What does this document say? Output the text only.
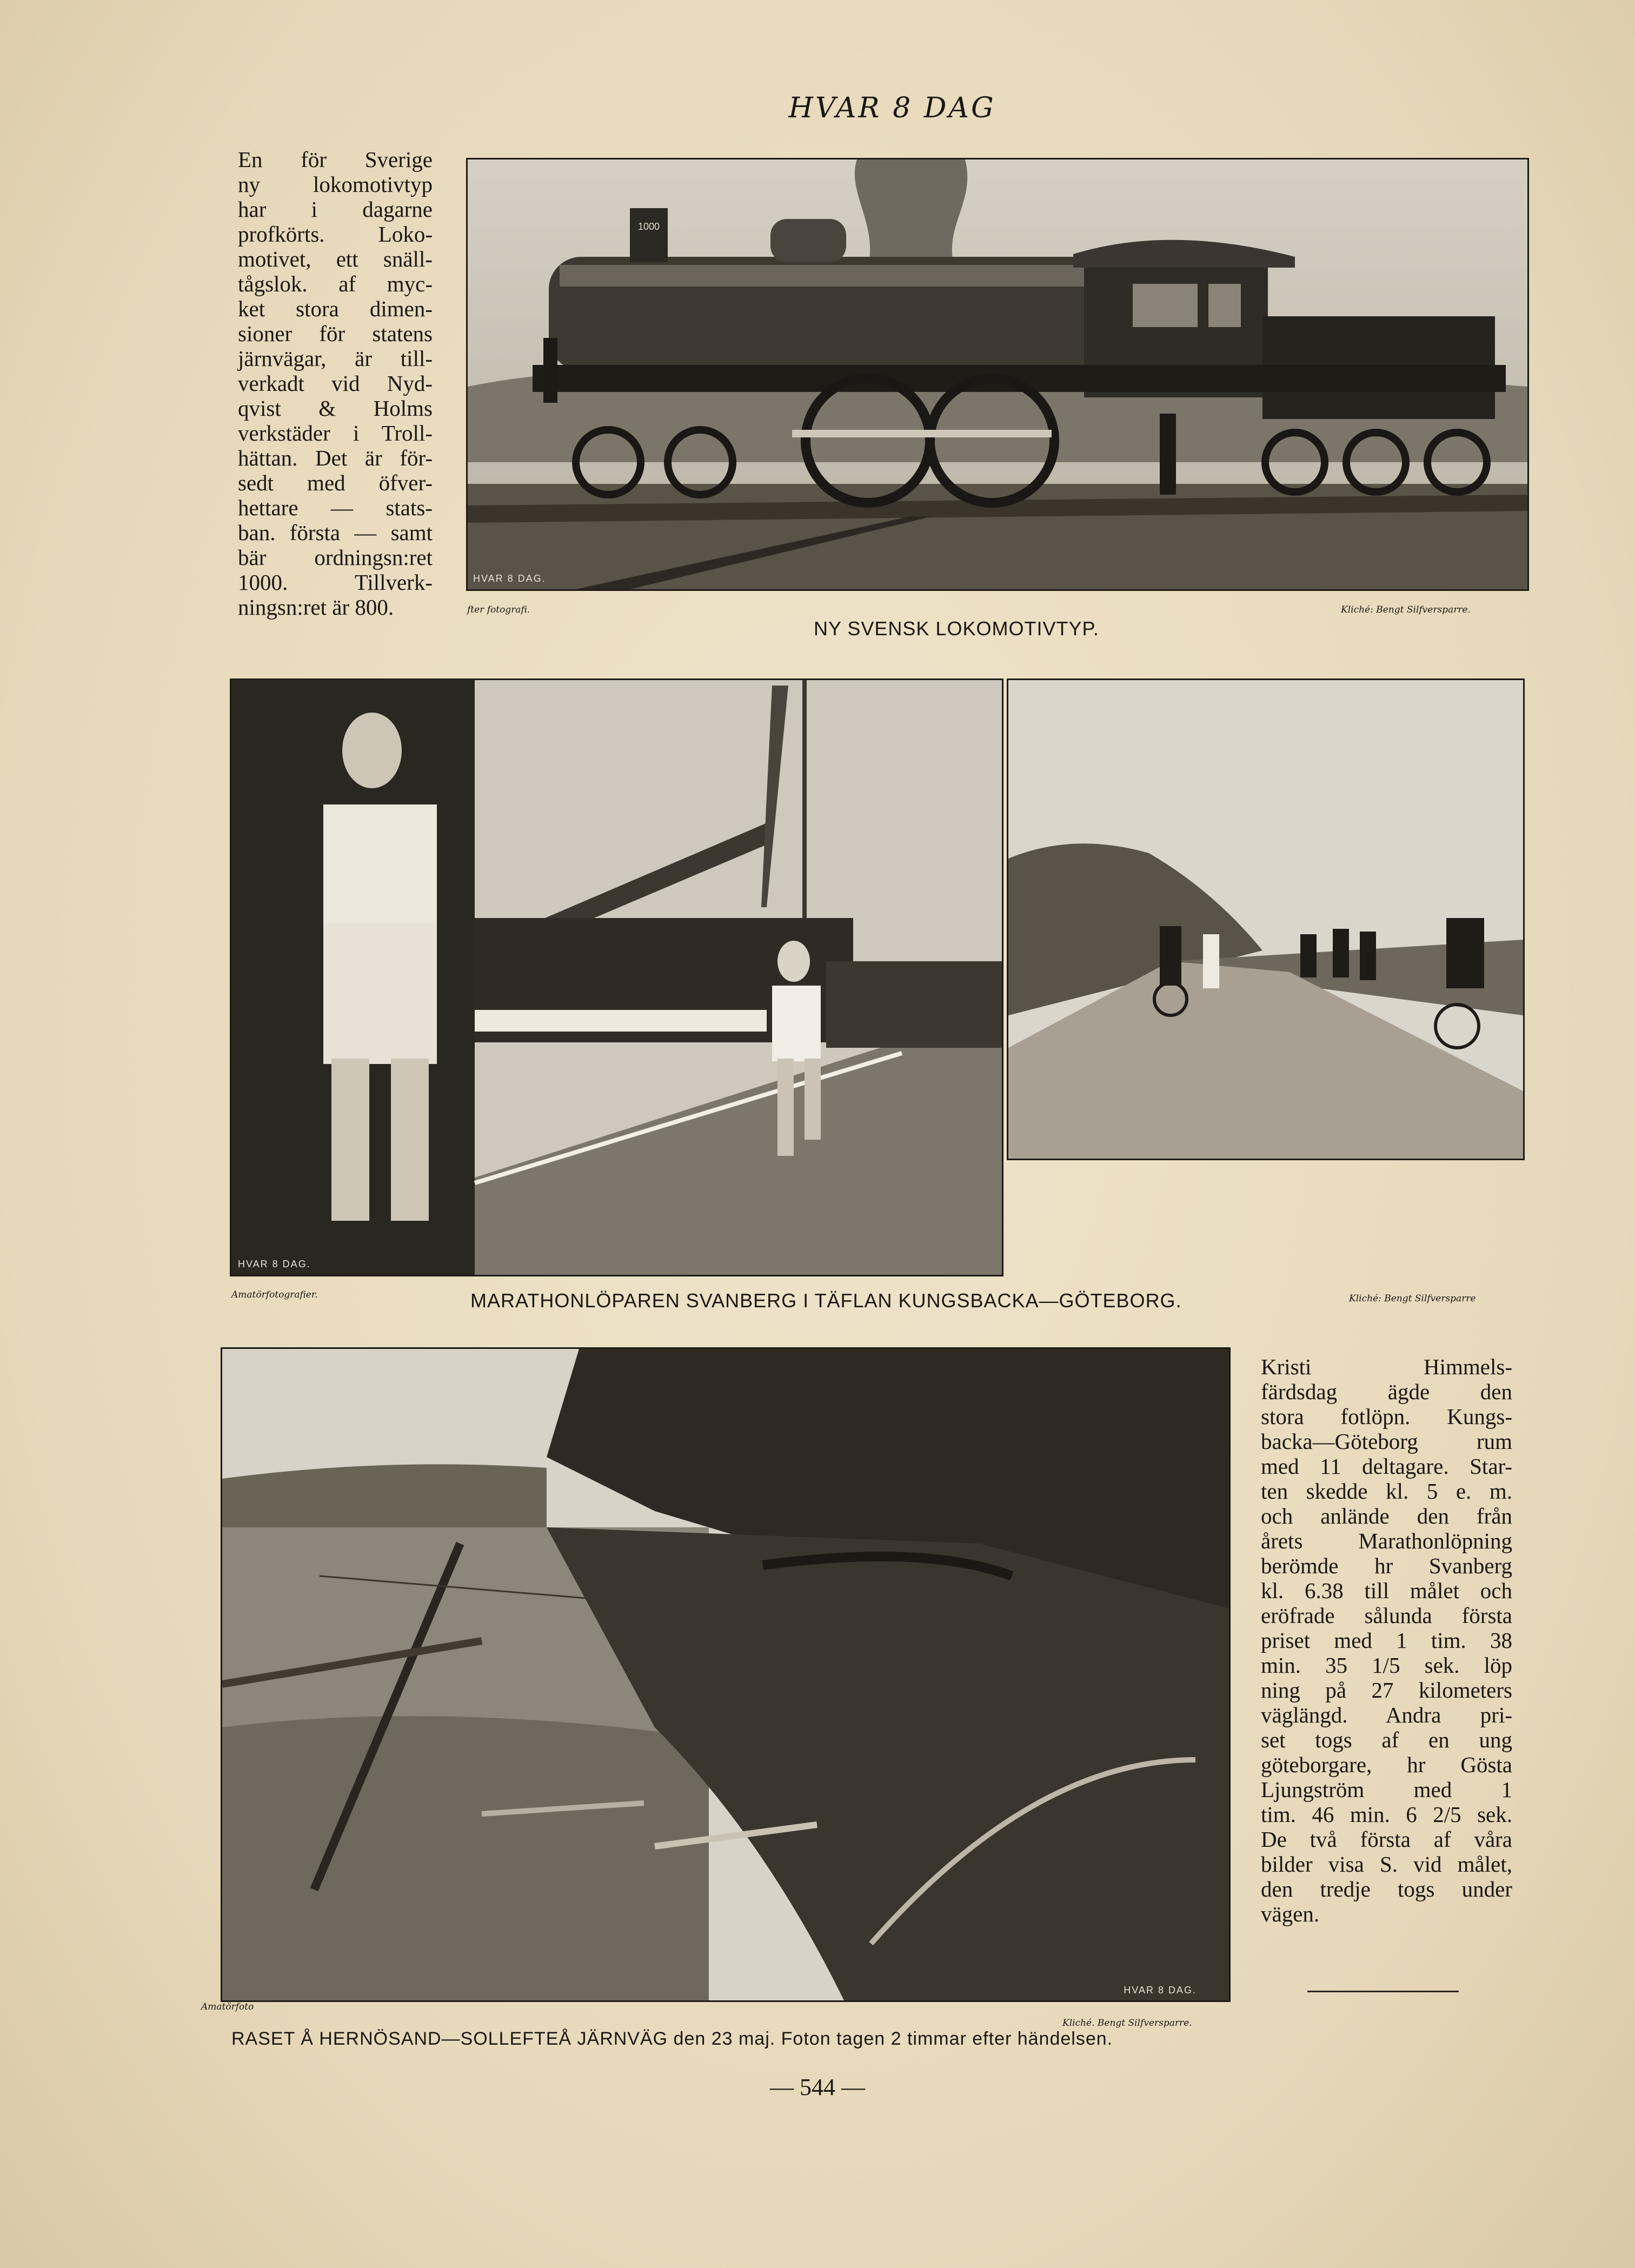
HVAR 8 DAG
En för Sverige
ny lokomotivtyp
har i dagarne
profkörts. Loko-
motivet, ett snäll-
tågslok. af myc-
ket stora dimen-
sioner för statens
järnvägar, är till-
verkadt vid Nyd-
qvist & Holms
verkstäder i Troll-
hättan. Det är för-
sedt med öfver-
hettare — stats-
ban. första — samt
bär ordningsn:ret
1000. Tillverk-
ningsn:ret är 800.
1000
HVAR 8 DAG.
fter fotografi.	Kliché: Bengt Silfversparre.
NY SVENSK LOKOMOTIVTYP.
HVAR 8 DAG.
Amatörfotografier.	MARATHONLÖPAREN SVANBERG I TÄFLAN KUNGSBACKA—GÖTEBORG.	Kliché: Bengt Silfversparre
HVAR 8 DAG.
Kristi Himmels-
färdsdag ägde den
stora fotlöpn. Kungs-
backa—Göteborg rum
med 11 deltagare. Star-
ten skedde kl. 5 e. m.
och anlände den från
årets Marathonlöpning
berömde hr Svanberg
kl. 6.38 till målet och
eröfrade sålunda första
priset med 1 tim. 38
min. 35 1/5 sek. löp
ning på 27 kilometers
väglängd. Andra pri-
set togs af en ung
göteborgare, hr Gösta
Ljungström med 1
tim. 46 min. 6 2/5 sek.
De två första af våra
bilder visa S. vid målet,
den tredje togs under
vägen.
Amatörfoto
Kliché. Bengt Silfversparre.
RASET Å HERNÖSAND—SOLLEFTEÅ JÄRNVÄG den 23 maj. Foton tagen 2 timmar efter händelsen.
— 544 —
